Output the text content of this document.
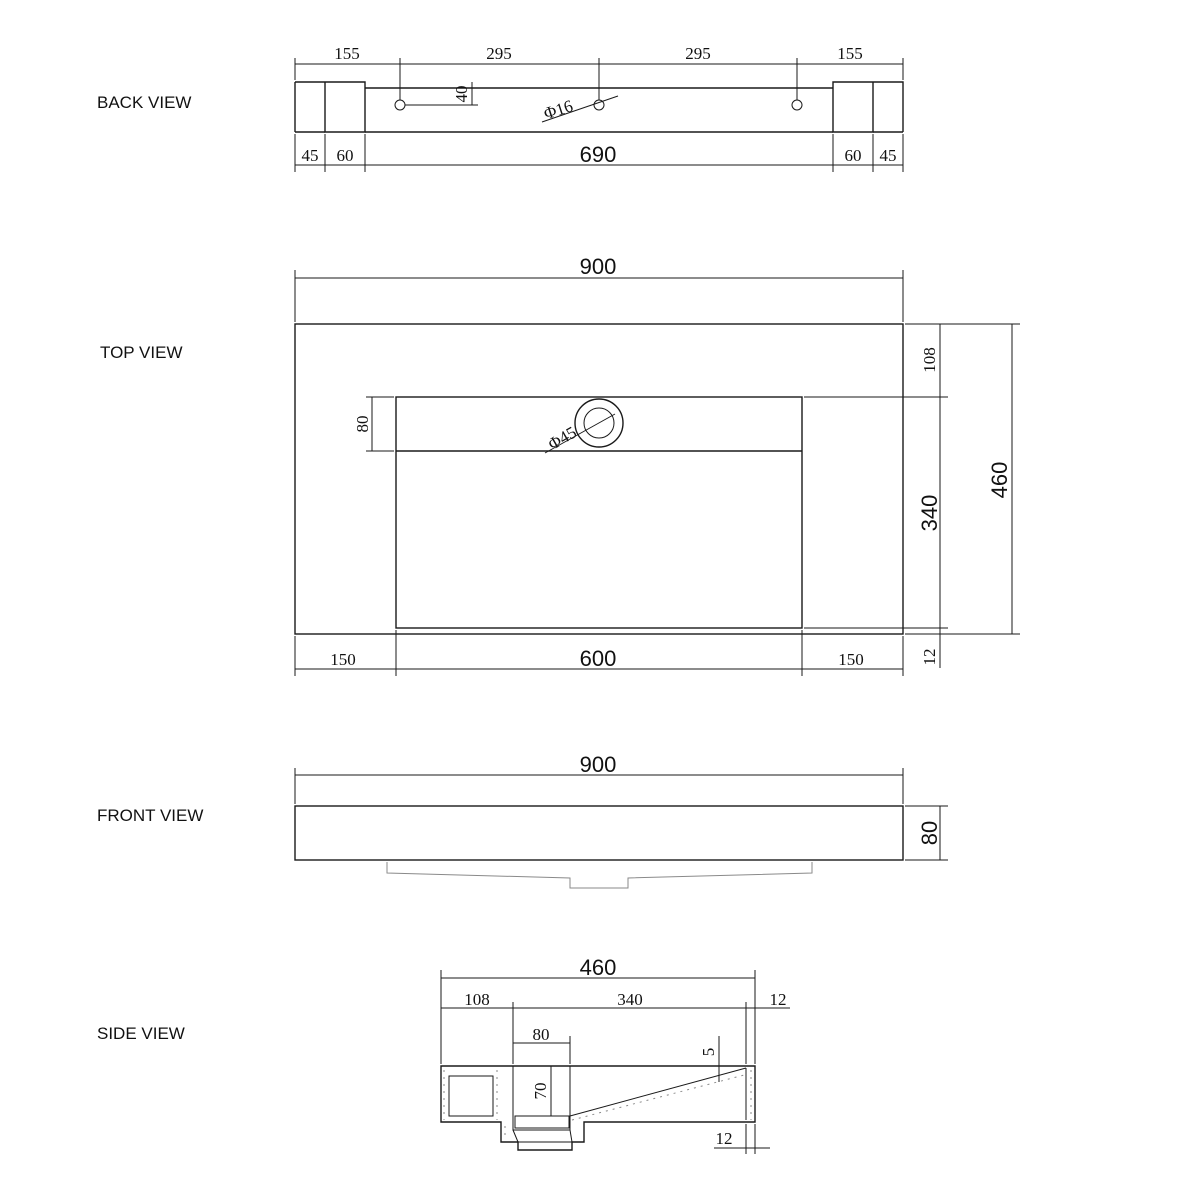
BACK VIEW
155	295	295	155
40
Φ16
45 60	690	60 45
TOP VIEW
Φ45
900
108
340
12
460
80
150	600	150
FRONT VIEW
900
80
SIDE VIEW
460
108	340	12
80
70
5
12
